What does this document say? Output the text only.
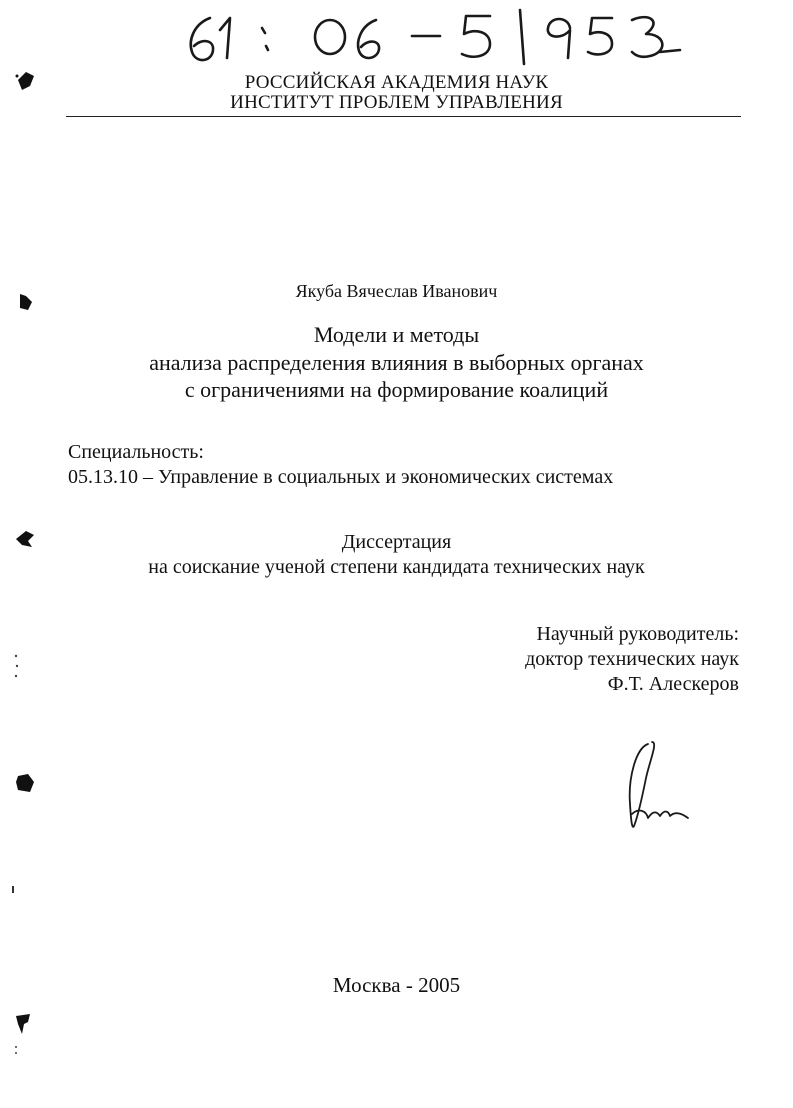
РОССИЙСКАЯ АКАДЕМИЯ НАУК

ИНСТИТУТ ПРОБЛЕМ УПРАВЛЕНИЯ

Якуба Вячеслав Иванович

Модели и методы

анализа распределения влияния в выборных органах

с ограничениями на формирование коалиций

Специальность:

05.13.10 – Управление в социальных и экономических системах

Диссертация

на соискание ученой степени кандидата технических наук

Научный руководитель:

доктор технических наук

Ф.Т. Алескеров

Москва - 2005
